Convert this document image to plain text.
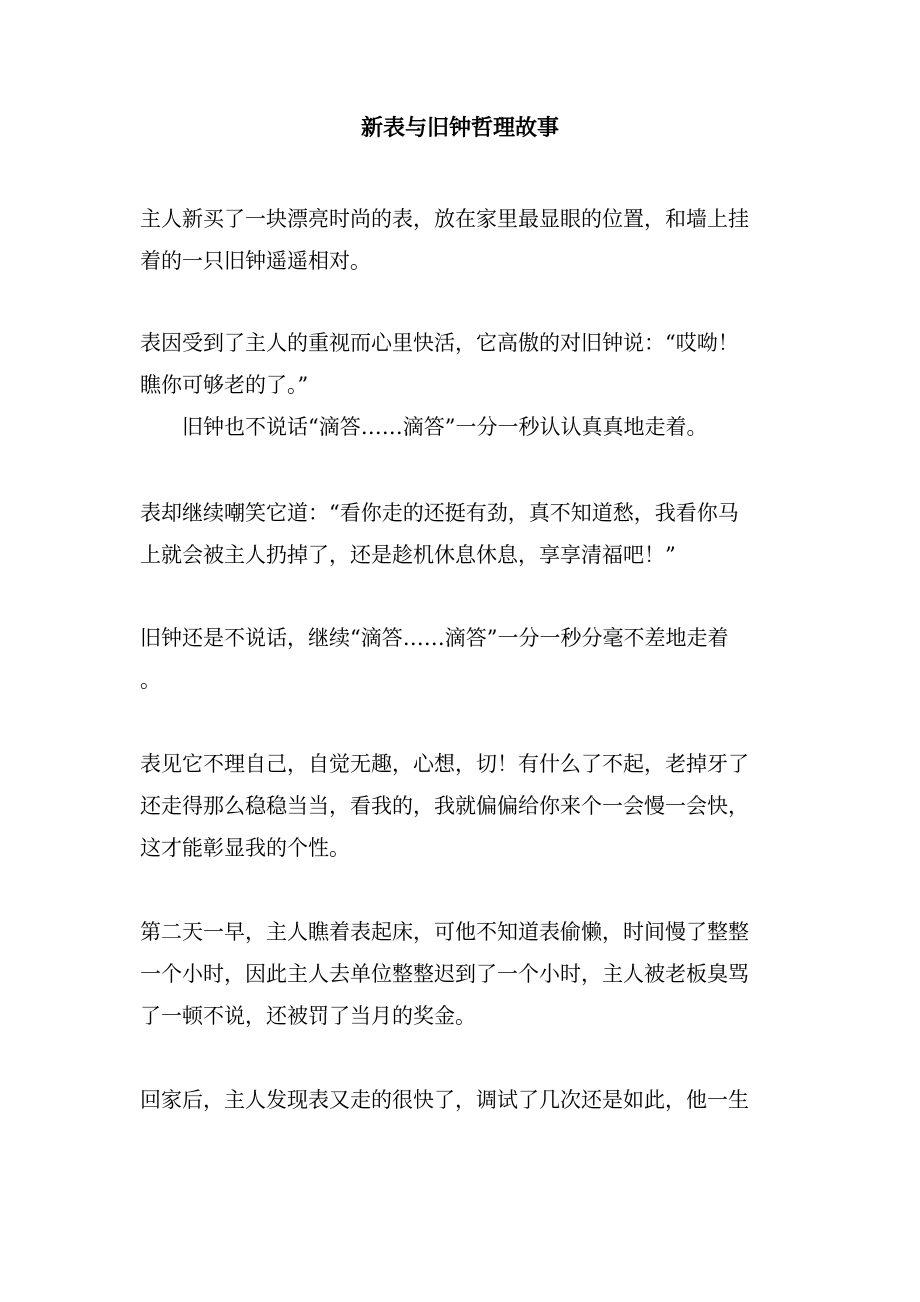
新表与旧钟哲理故事
主人新买了一块漂亮时尚的表，放在家里最显眼的位置，和墙上挂
着的一只旧钟遥遥相对。
表因受到了主人的重视而心里快活，它高傲的对旧钟说：“哎呦！
瞧你可够老的了。”
旧钟也不说话“滴答……滴答”一分一秒认认真真地走着。
表却继续嘲笑它道：“看你走的还挺有劲，真不知道愁，我看你马
上就会被主人扔掉了，还是趁机休息休息，享享清福吧！”
旧钟还是不说话，继续“滴答……滴答”一分一秒分毫不差地走着
。
表见它不理自己，自觉无趣，心想，切！有什么了不起，老掉牙了
还走得那么稳稳当当，看我的，我就偏偏给你来个一会慢一会快，
这才能彰显我的个性。
第二天一早，主人瞧着表起床，可他不知道表偷懒，时间慢了整整
一个小时，因此主人去单位整整迟到了一个小时，主人被老板臭骂
了一顿不说，还被罚了当月的奖金。
回家后，主人发现表又走的很快了，调试了几次还是如此，他一生
